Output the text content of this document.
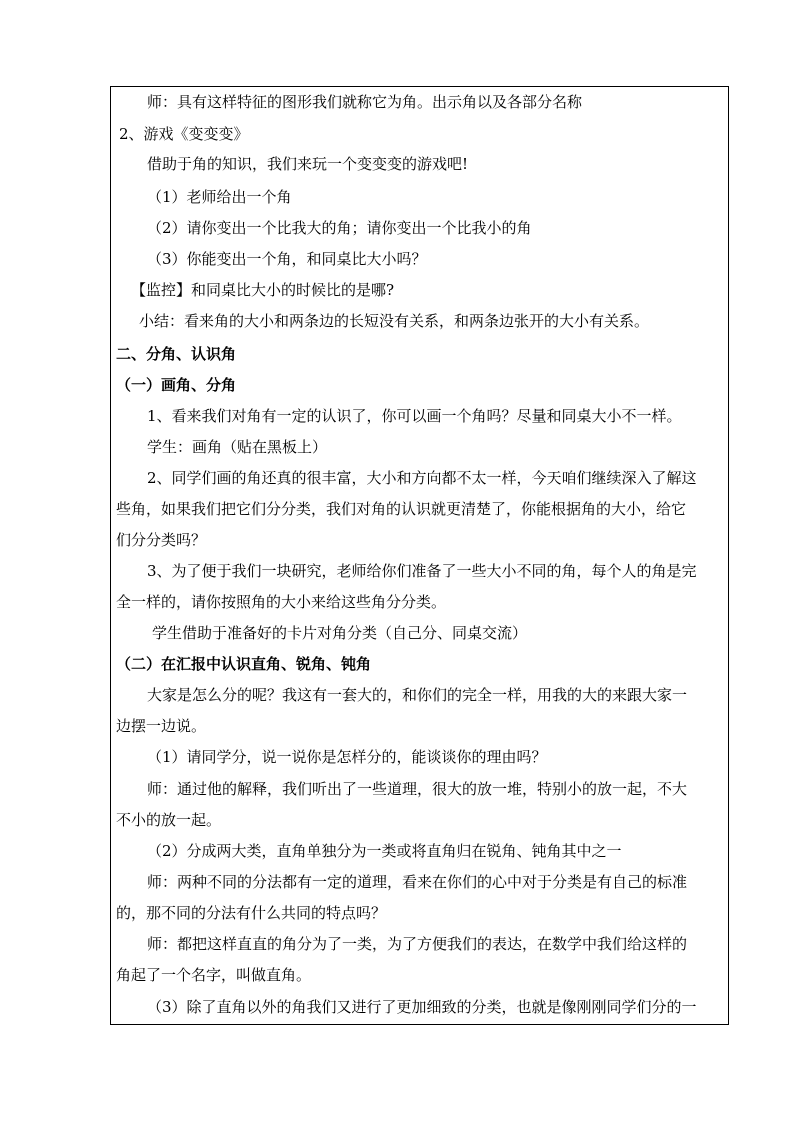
师：具有这样特征的图形我们就称它为角。出示角以及各部分名称
2、游戏《变变变》
借助于角的知识，我们来玩一个变变变的游戏吧!
（1）老师给出一个角
（2）请你变出一个比我大的角；请你变出一个比我小的角
（3）你能变出一个角，和同桌比大小吗？
【监控】和同桌比大小的时候比的是哪?
小结：看来角的大小和两条边的长短没有关系，和两条边张开的大小有关系。
二、分角、认识角
（一）画角、分角
1、看来我们对角有一定的认识了，你可以画一个角吗？尽量和同桌大小不一样。
学生：画角（贴在黑板上）
2、同学们画的角还真的很丰富，大小和方向都不太一样，今天咱们继续深入了解这
些角，如果我们把它们分分类，我们对角的认识就更清楚了，你能根据角的大小，给它
们分分类吗？
3、为了便于我们一块研究，老师给你们准备了一些大小不同的角，每个人的角是完
全一样的，请你按照角的大小来给这些角分分类。
学生借助于准备好的卡片对角分类（自己分、同桌交流）
（二）在汇报中认识直角、锐角、钝角
大家是怎么分的呢？我这有一套大的，和你们的完全一样，用我的大的来跟大家一
边摆一边说。
（1）请同学分，说一说你是怎样分的，能谈谈你的理由吗？
师：通过他的解释，我们听出了一些道理，很大的放一堆，特别小的放一起，不大
不小的放一起。
（2）分成两大类，直角单独分为一类或将直角归在锐角、钝角其中之一
师：两种不同的分法都有一定的道理，看来在你们的心中对于分类是有自己的标准
的，那不同的分法有什么共同的特点吗？
师：都把这样直直的角分为了一类，为了方便我们的表达，在数学中我们给这样的
角起了一个名字，叫做直角。
（3）除了直角以外的角我们又进行了更加细致的分类，也就是像刚刚同学们分的一
